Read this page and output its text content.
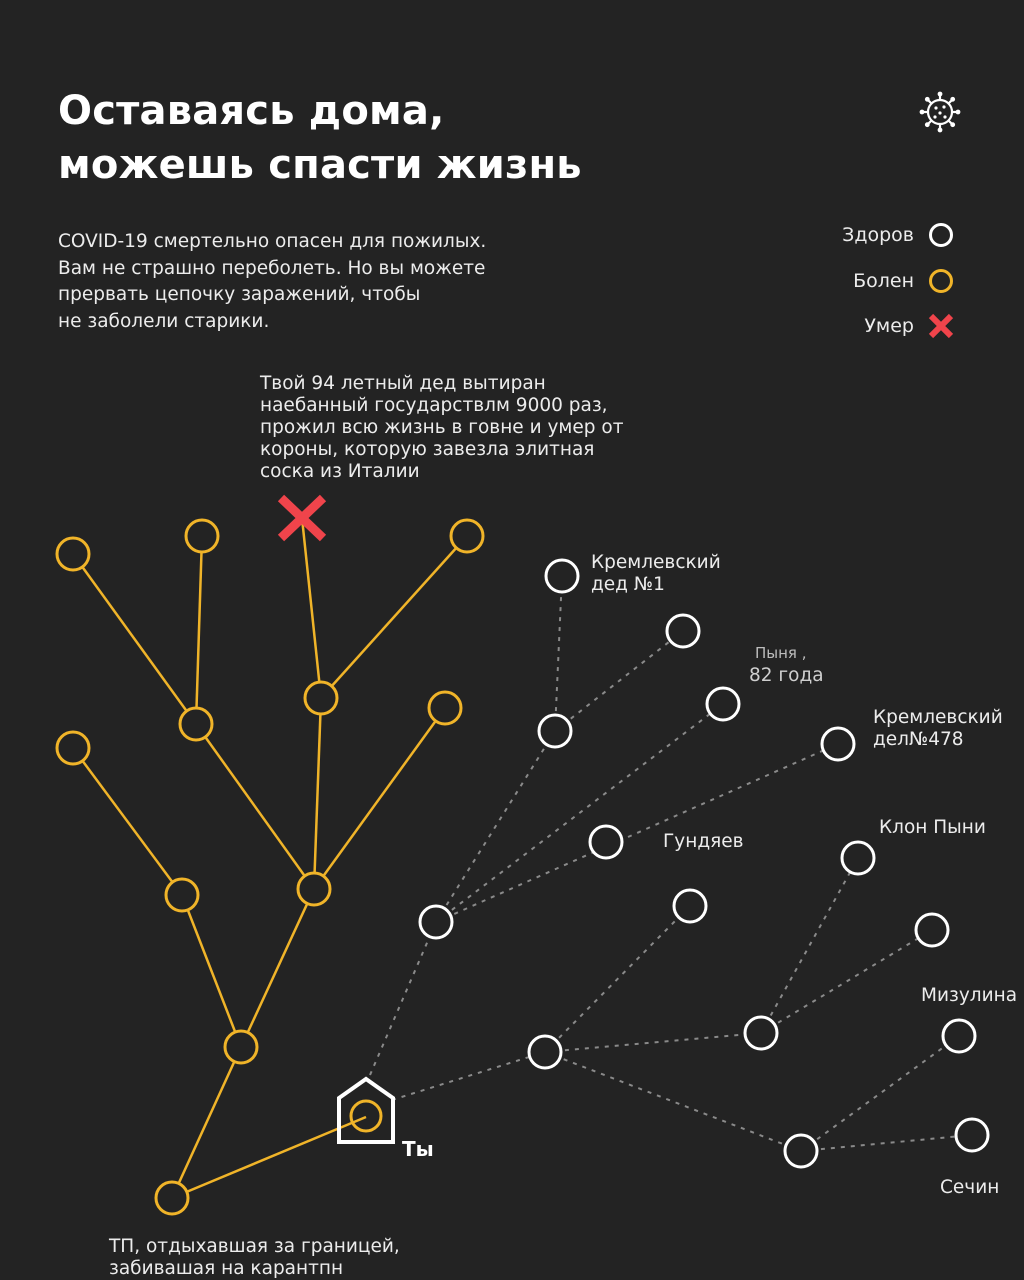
Оставаясь дома,
можешь спасти жизнь
COVID-19 смертельно опасен для пожилых.
Вам не страшно переболеть. Но вы можете
прервать цепочку заражений, чтобы
не заболели старики.
Здоров
Болен
Умер
Твой 94 летный дед вытиран
наебанный государствлм 9000 раз,
прожил всю жизнь в говне и умер от
короны, которую завезла элитная
соска из Италии
Кремлевский
дед №1
Пыня ,
82 года
Кремлевский
дел№478
Гундяев
Клон Пыни
Мизулина
Сечин
Ты
ТП, отдыхавшая за границей,
забивашая на карантпн
